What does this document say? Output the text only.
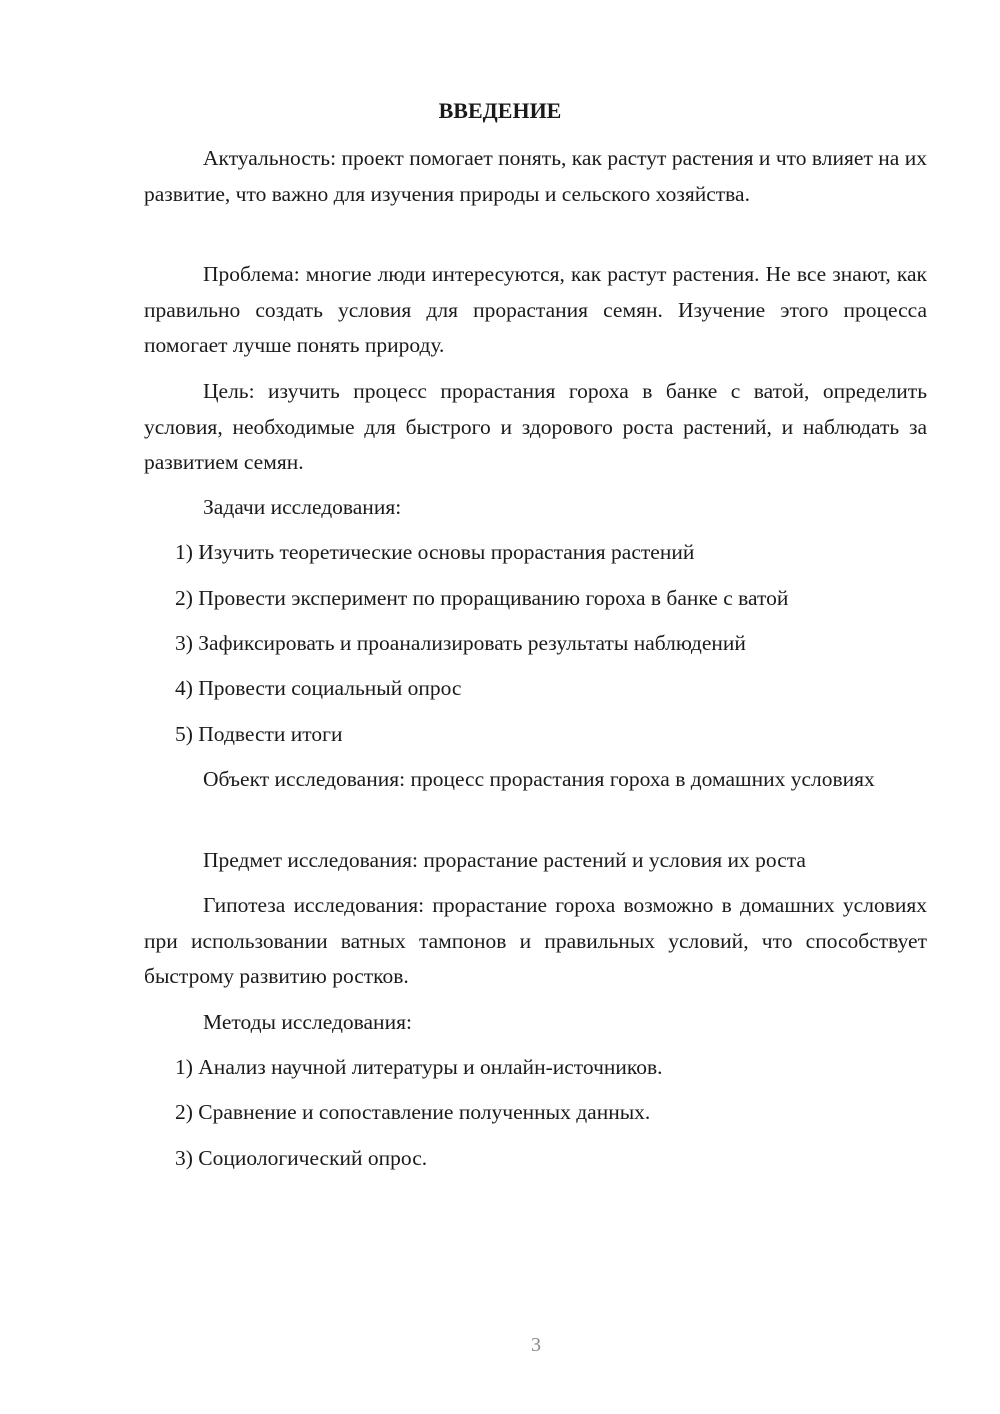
ВВЕДЕНИЕ

Актуальность: проект помогает понять, как растут растения и что влияет на их развитие, что важно для изучения природы и сельского хозяйства.

Проблема: многие люди интересуются, как растут растения. Не все знают, как правильно создать условия для прорастания семян. Изучение этого процесса помогает лучше понять природу.

Цель: изучить процесс прорастания гороха в банке с ватой, определить условия, необходимые для быстрого и здорового роста растений, и наблюдать за развитием семян.

Задачи исследования:

1) Изучить теоретические основы прорастания растений

2) Провести эксперимент по проращиванию гороха в банке с ватой

3) Зафиксировать и проанализировать результаты наблюдений

4) Провести социальный опрос

5) Подвести итоги

Объект исследования: процесс прорастания гороха в домашних условиях

Предмет исследования: прорастание растений и условия их роста

Гипотеза исследования: прорастание гороха возможно в домашних условиях при использовании ватных тампонов и правильных условий, что способствует быстрому развитию ростков.

Методы исследования:

1) Анализ научной литературы и онлайн-источников.

2) Сравнение и сопоставление полученных данных.

3) Социологический опрос.

3
